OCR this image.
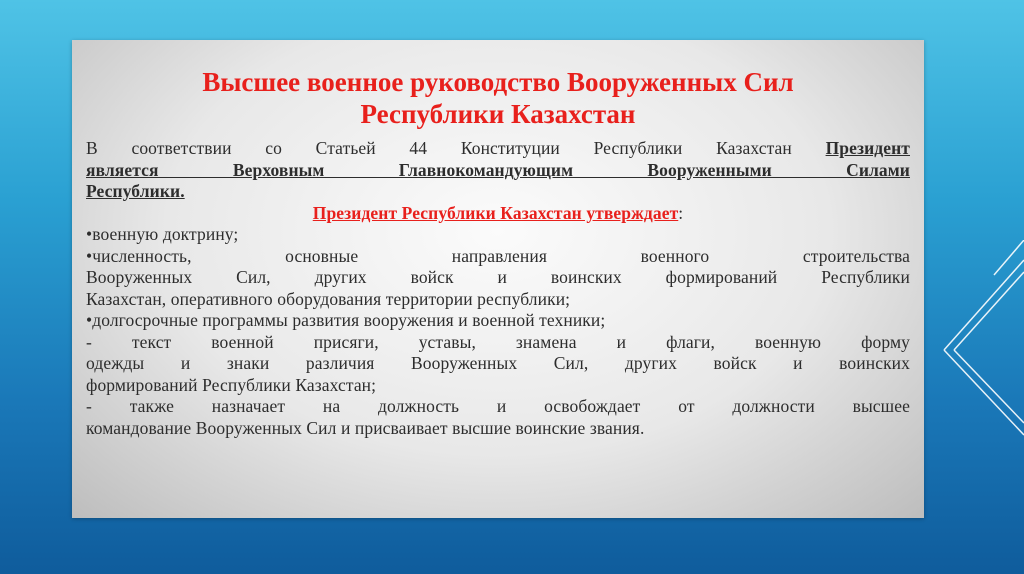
Высшее военное руководство Вооруженных Сил
Республики Казахстан
В соответствии со Статьей 44 Конституции Республики Казахстан Президент
является Верховным Главнокомандующим Вооруженными Силами
Республики.
Президент Республики Казахстан утверждает:
•военную доктрину;
•численность, основные направления военного строительства
Вооруженных Сил, других войск и воинских формирований Республики
Казахстан, оперативного оборудования территории республики;
•долгосрочные программы развития вооружения и военной техники;
- текст военной присяги, уставы, знамена и флаги, военную форму
одежды и знаки различия Вооруженных Сил, других войск и воинских
формирований Республики Казахстан;
- также назначает на должность и освобождает от должности высшее
командование Вооруженных Сил и присваивает высшие воинские звания.
